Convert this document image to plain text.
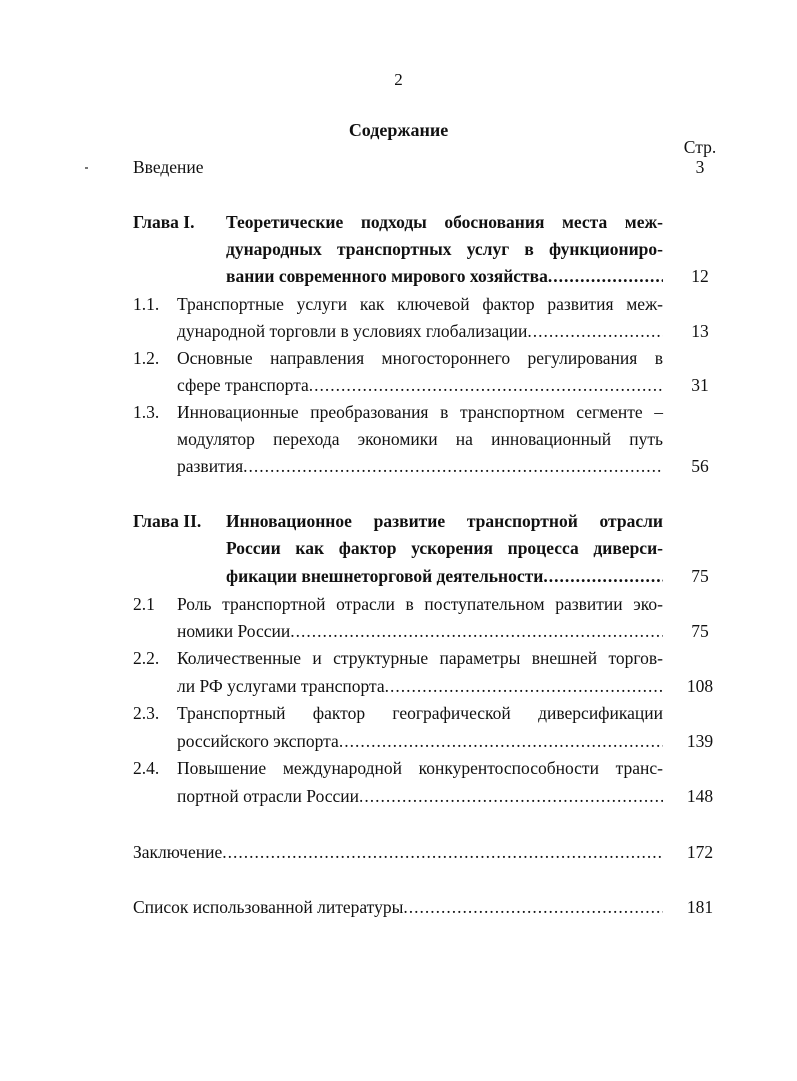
2
Содержание
Стр.
Введение	3
Глава I. Теоретические подходы обоснования места меж-
дународных транспортных услуг в функциониро-
вании современного мирового хозяйства .....	12
1.1. Транспортные услуги как ключевой фактор развития меж-
дународной торговли в условиях глобализации .....	13
1.2. Основные направления многостороннего регулирования в
сфере транспорта .....	31
1.3. Инновационные преобразования в транспортном сегменте –
модулятор перехода экономики на инновационный путь
развития .....	56
Глава II. Инновационное развитие транспортной отрасли
России как фактор ускорения процесса диверси-
фикации внешнеторговой деятельности .....	75
2.1 Роль транспортной отрасли в поступательном развитии эко-
номики России .....	75
2.2. Количественные и структурные параметры внешней торгов-
ли РФ услугами транспорта .....	108
2.3. Транспортный фактор географической диверсификации
российского экспорта .....	139
2.4. Повышение международной конкурентоспособности транс-
портной отрасли России .....	148
Заключение .....	172
Список использованной литературы .....	181
